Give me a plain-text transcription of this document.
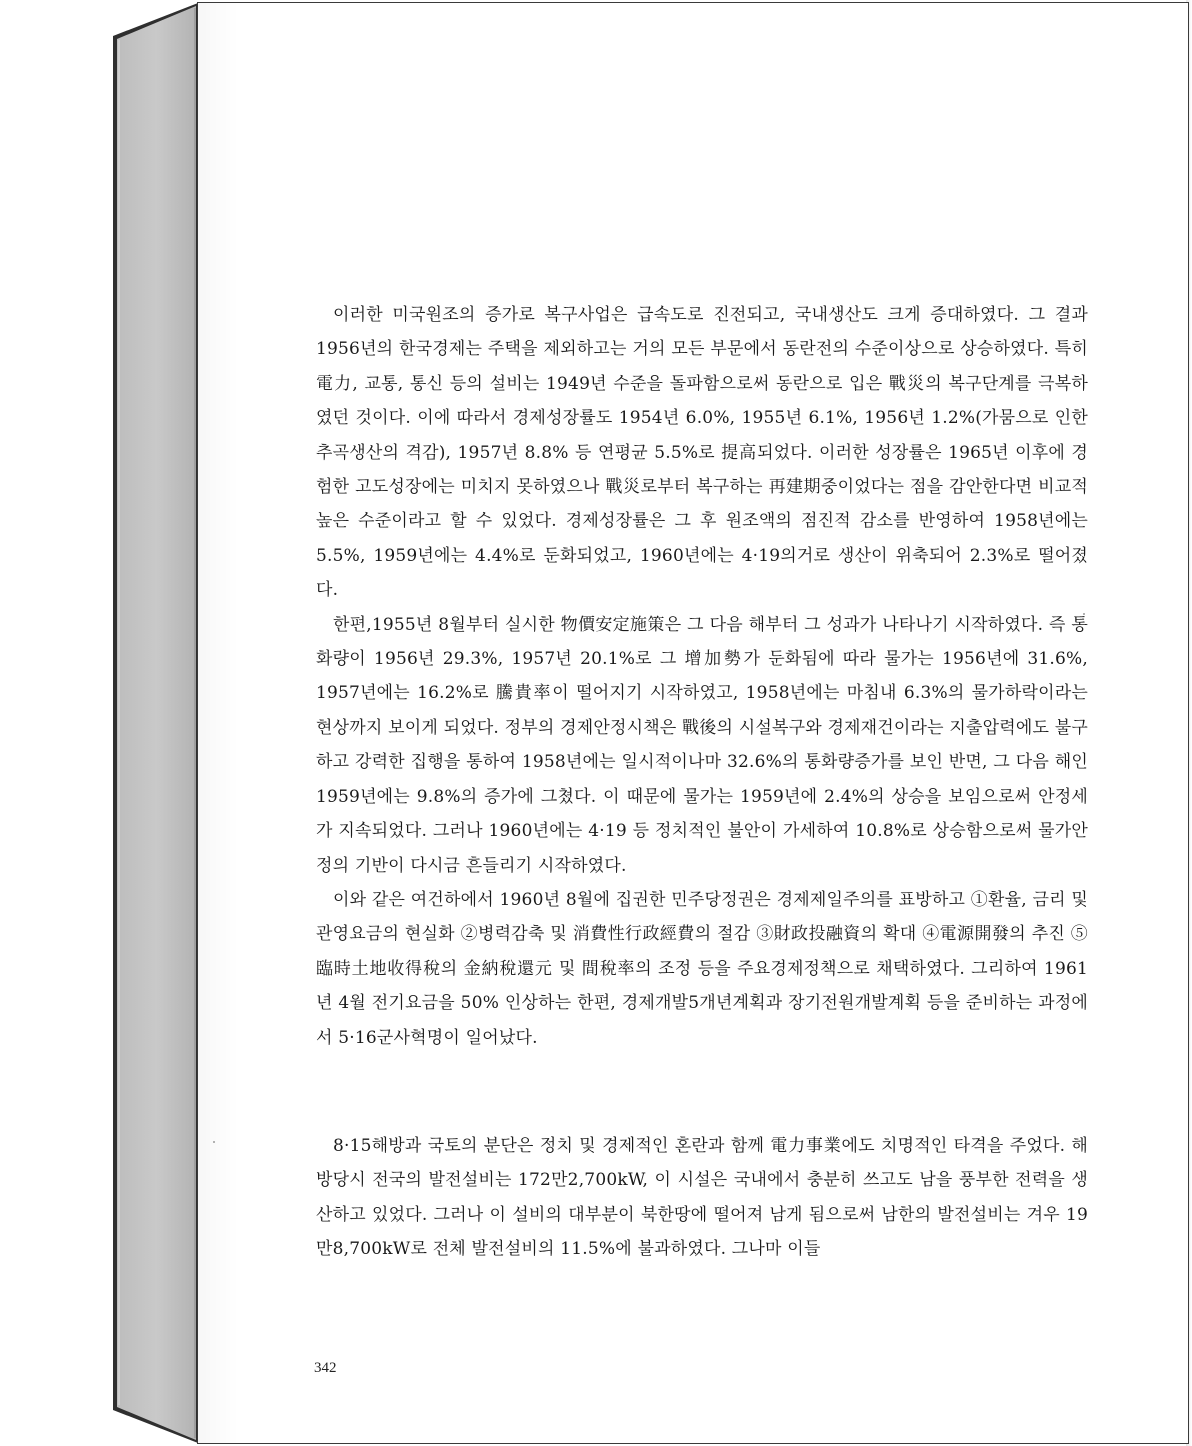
이러한 미국원조의 증가로 복구사업은 급속도로 진전되고, 국내생산도 크게 증대하였다. 그 결과 1956년의 한국경제는 주택을 제외하고는 거의 모든 부문에서 동란전의 수준이상으로 상승하였다. 특히 電力, 교통, 통신 등의 설비는 1949년 수준을 돌파함으로써 동란으로 입은 戰災의 복구단계를 극복하였던 것이다. 이에 따라서 경제성장률도 1954년 6.0%, 1955년 6.1%, 1956년 1.2%(가뭄으로 인한 추곡생산의 격감), 1957년 8.8% 등 연평균 5.5%로 提高되었다. 이러한 성장률은 1965년 이후에 경험한 고도성장에는 미치지 못하였으나 戰災로부터 복구하는 再建期중이었다는 점을 감안한다면 비교적 높은 수준이라고 할 수 있었다. 경제성장률은 그 후 원조액의 점진적 감소를 반영하여 1958년에는 5.5%, 1959년에는 4.4%로 둔화되었고, 1960년에는 4·19의거로 생산이 위축되어 2.3%로 떨어졌다.

한편,1955년 8월부터 실시한 物價安定施策은 그 다음 해부터 그 성과가 나타나기 시작하였다. 즉 통화량이 1956년 29.3%, 1957년 20.1%로 그 增加勢가 둔화됨에 따라 물가는 1956년에 31.6%, 1957년에는 16.2%로 騰貴率이 떨어지기 시작하였고, 1958년에는 마침내 6.3%의 물가하락이라는 현상까지 보이게 되었다. 정부의 경제안정시책은 戰後의 시설복구와 경제재건이라는 지출압력에도 불구하고 강력한 집행을 통하여 1958년에는 일시적이나마 32.6%의 통화량증가를 보인 반면, 그 다음 해인 1959년에는 9.8%의 증가에 그쳤다. 이 때문에 물가는 1959년에 2.4%의 상승을 보임으로써 안정세가 지속되었다. 그러나 1960년에는 4·19 등 정치적인 불안이 가세하여 10.8%로 상승함으로써 물가안정의 기반이 다시금 흔들리기 시작하였다.

이와 같은 여건하에서 1960년 8월에 집권한 민주당정권은 경제제일주의를 표방하고 ①환율, 금리 및 관영요금의 현실화 ②병력감축 및 消費性行政經費의 절감 ③財政投融資의 확대 ④電源開發의 추진 ⑤臨時土地收得稅의 金納稅還元 및 間稅率의 조정 등을 주요경제정책으로 채택하였다. 그리하여 1961년 4월 전기요금을 50% 인상하는 한편, 경제개발5개년계획과 장기전원개발계획 등을 준비하는 과정에서 5·16군사혁명이 일어났다.

8·15해방과 국토의 분단은 정치 및 경제적인 혼란과 함께 電力事業에도 치명적인 타격을 주었다. 해방당시 전국의 발전설비는 172만2,700kW, 이 시설은 국내에서 충분히 쓰고도 남을 풍부한 전력을 생산하고 있었다. 그러나 이 설비의 대부분이 북한땅에 떨어져 남게 됨으로써 남한의 발전설비는 겨우 19만8,700kW로 전체 발전설비의 11.5%에 불과하였다. 그나마 이들

342
